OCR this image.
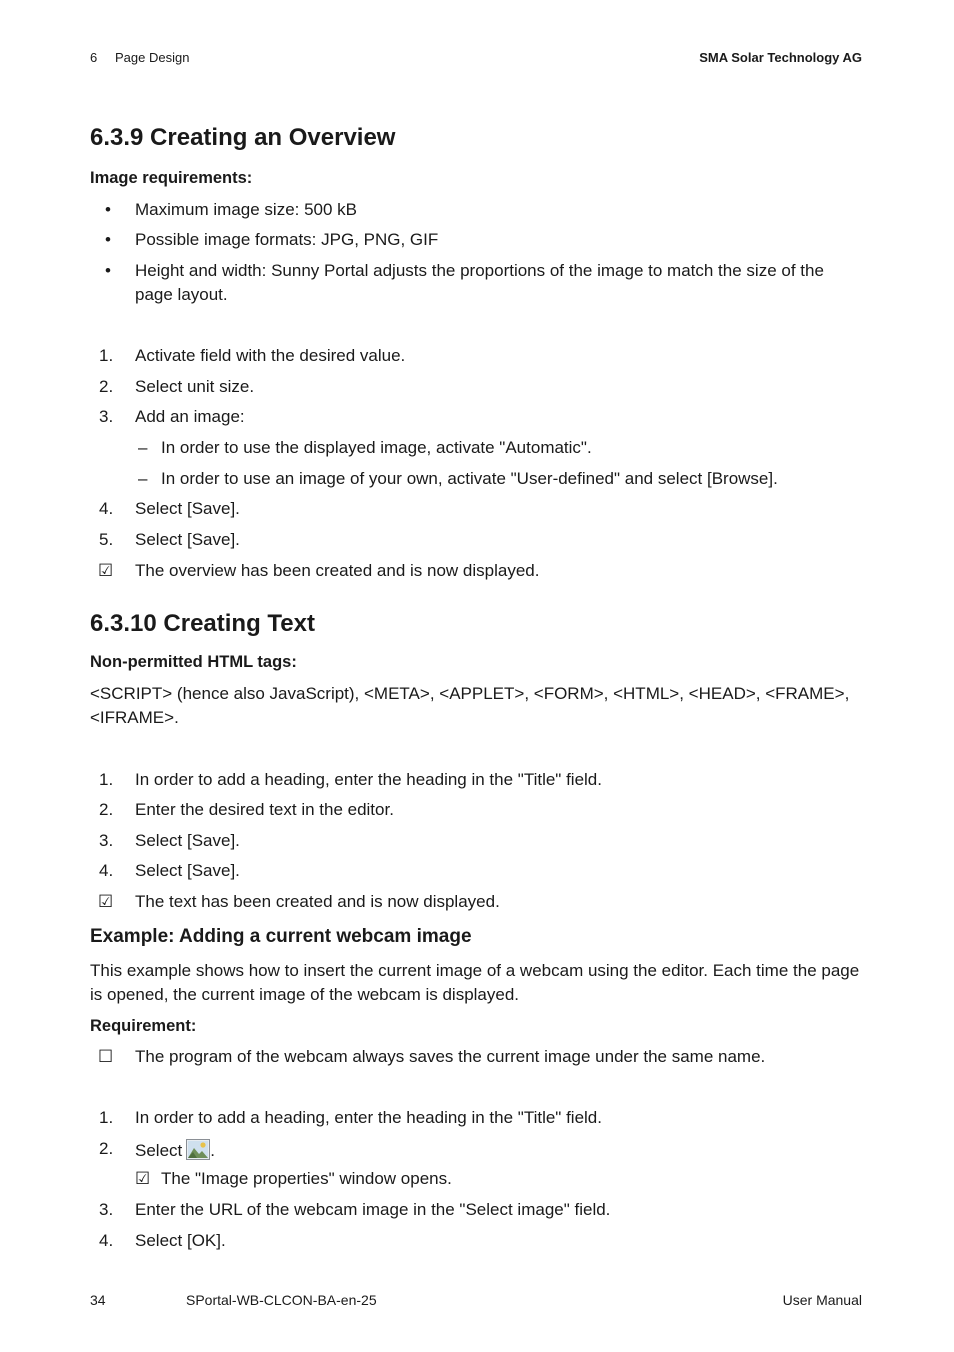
6 Page Design	SMA Solar Technology AG
6.3.9 Creating an Overview
Image requirements:
• Maximum image size: 500 kB
• Possible image formats: JPG, PNG, GIF
• Height and width: Sunny Portal adjusts the proportions of the image to match the size of the
page layout.
1.	Activate field with the desired value.
2.	Select unit size.
3.	Add an image:
– In order to use the displayed image, activate "Automatic".
– In order to use an image of your own, activate "User-defined" and select [Browse].
4.	Select [Save].
5.	Select [Save].
☑ The overview has been created and is now displayed.
6.3.10 Creating Text
Non-permitted HTML tags:
<SCRIPT> (hence also JavaScript), <META>, <APPLET>, <FORM>, <HTML>, <HEAD>, <FRAME>,
<IFRAME>.
1.	In order to add a heading, enter the heading in the "Title" field.
2.	Enter the desired text in the editor.
3.	Select [Save].
4.	Select [Save].
☑ The text has been created and is now displayed.
Example: Adding a current webcam image
This example shows how to insert the current image of a webcam using the editor. Each time the page
is opened, the current image of the webcam is displayed.
Requirement:
☐ The program of the webcam always saves the current image under the same name.
1.	In order to add a heading, enter the heading in the "Title" field.
2.	Select .
☑ The "Image properties" window opens.
3.	Enter the URL of the webcam image in the "Select image" field.
4.	Select [OK].
34	SPortal-WB-CLCON-BA-en-25	User Manual
